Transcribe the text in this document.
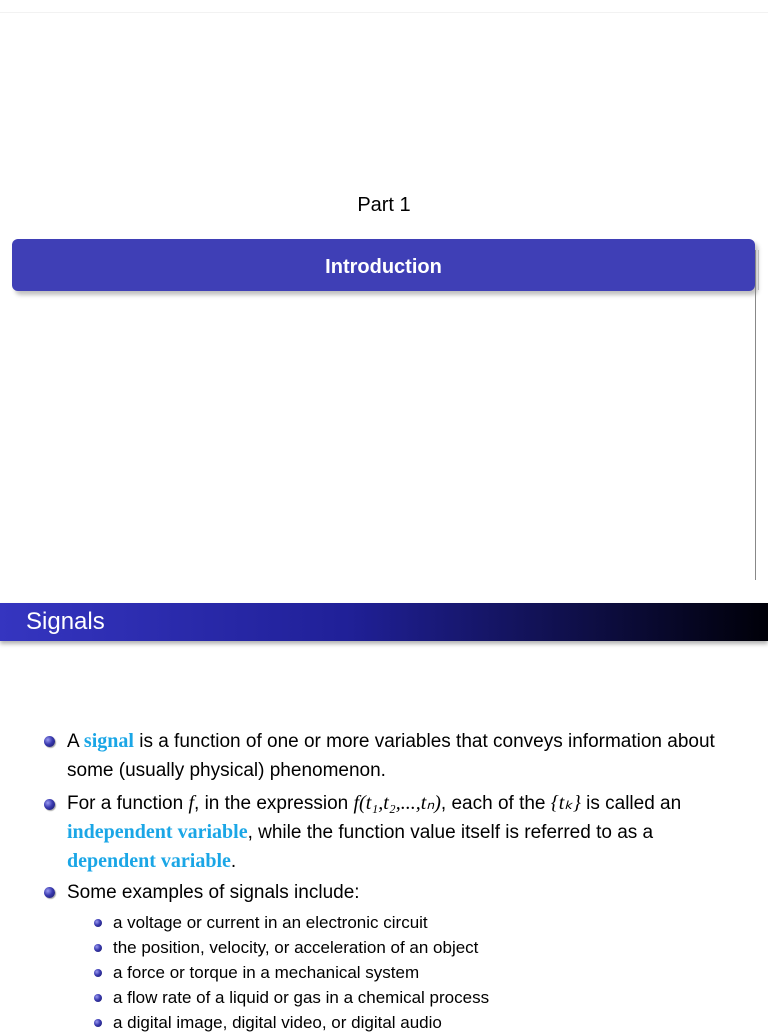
Part 1
Introduction
Signals
A signal is a function of one or more variables that conveys information about some (usually physical) phenomenon.
For a function f, in the expression f(t₁,t₂,...,tₙ), each of the {tₖ} is called an independent variable, while the function value itself is referred to as a dependent variable.
Some examples of signals include:
a voltage or current in an electronic circuit
the position, velocity, or acceleration of an object
a force or torque in a mechanical system
a flow rate of a liquid or gas in a chemical process
a digital image, digital video, or digital audio
